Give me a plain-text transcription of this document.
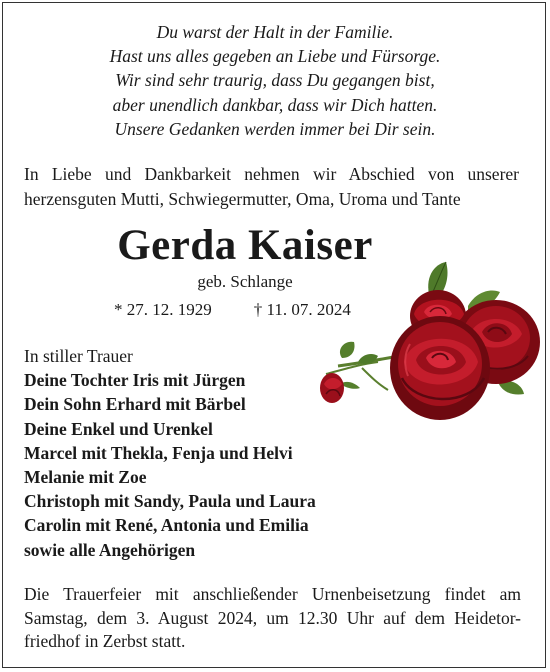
Du warst der Halt in der Familie.
Hast uns alles gegeben an Liebe und Fürsorge.
Wir sind sehr traurig, dass Du gegangen bist,
aber unendlich dankbar, dass wir Dich hatten.
Unsere Gedanken werden immer bei Dir sein.
In Liebe und Dankbarkeit nehmen wir Abschied von unserer
herzensguten Mutti, Schwiegermutter, Oma, Uroma und Tante
Gerda Kaiser
geb. Schlange
* 27. 12. 1929 † 11. 07. 2024
In stiller Trauer
Deine Tochter Iris mit Jürgen
Dein Sohn Erhard mit Bärbel
Deine Enkel und Urenkel
Marcel mit Thekla, Fenja und Helvi
Melanie mit Zoe
Christoph mit Sandy, Paula und Laura
Carolin mit René, Antonia und Emilia
sowie alle Angehörigen
Die Trauerfeier mit anschließender Urnenbeisetzung findet am
Samstag, dem 3. August 2024, um 12.30 Uhr auf dem Heidetor-
friedhof in Zerbst statt.
